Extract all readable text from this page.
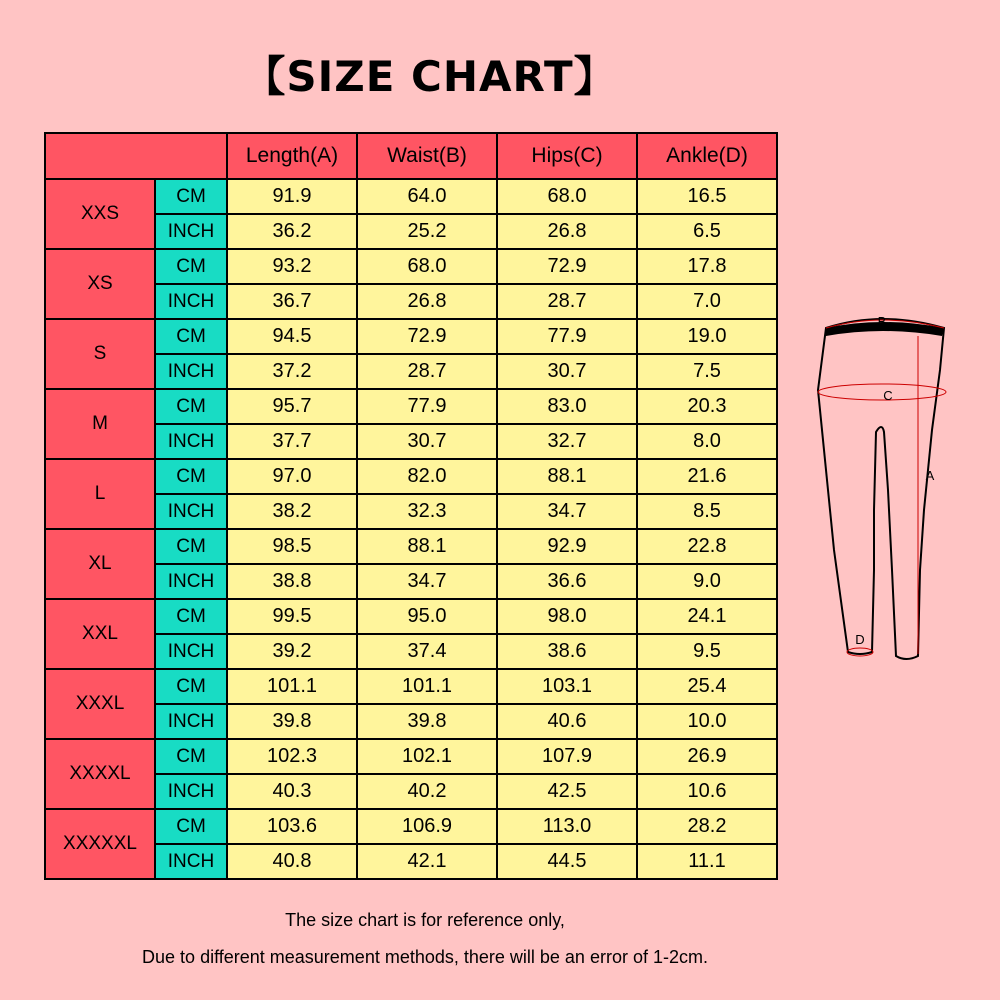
【SIZE CHART】
		Length(A)	Waist(B)	Hips(C)	Ankle(D)
XXS	CM	91.9	64.0	68.0	16.5
	INCH	36.2	25.2	26.8	6.5
XS	CM	93.2	68.0	72.9	17.8
	INCH	36.7	26.8	28.7	7.0
S	CM	94.5	72.9	77.9	19.0
	INCH	37.2	28.7	30.7	7.5
M	CM	95.7	77.9	83.0	20.3
	INCH	37.7	30.7	32.7	8.0
L	CM	97.0	82.0	88.1	21.6
	INCH	38.2	32.3	34.7	8.5
XL	CM	98.5	88.1	92.9	22.8
	INCH	38.8	34.7	36.6	9.0
XXL	CM	99.5	95.0	98.0	24.1
	INCH	39.2	37.4	38.6	9.5
XXXL	CM	101.1	101.1	103.1	25.4
	INCH	39.8	39.8	40.6	10.0
XXXXL	CM	102.3	102.1	107.9	26.9
	INCH	40.3	40.2	42.5	10.6
XXXXXL	CM	103.6	106.9	113.0	28.2
	INCH	40.8	42.1	44.5	11.1
B
C
A
D
The size chart is for reference only,
Due to different measurement methods, there will be an error of 1-2cm.
